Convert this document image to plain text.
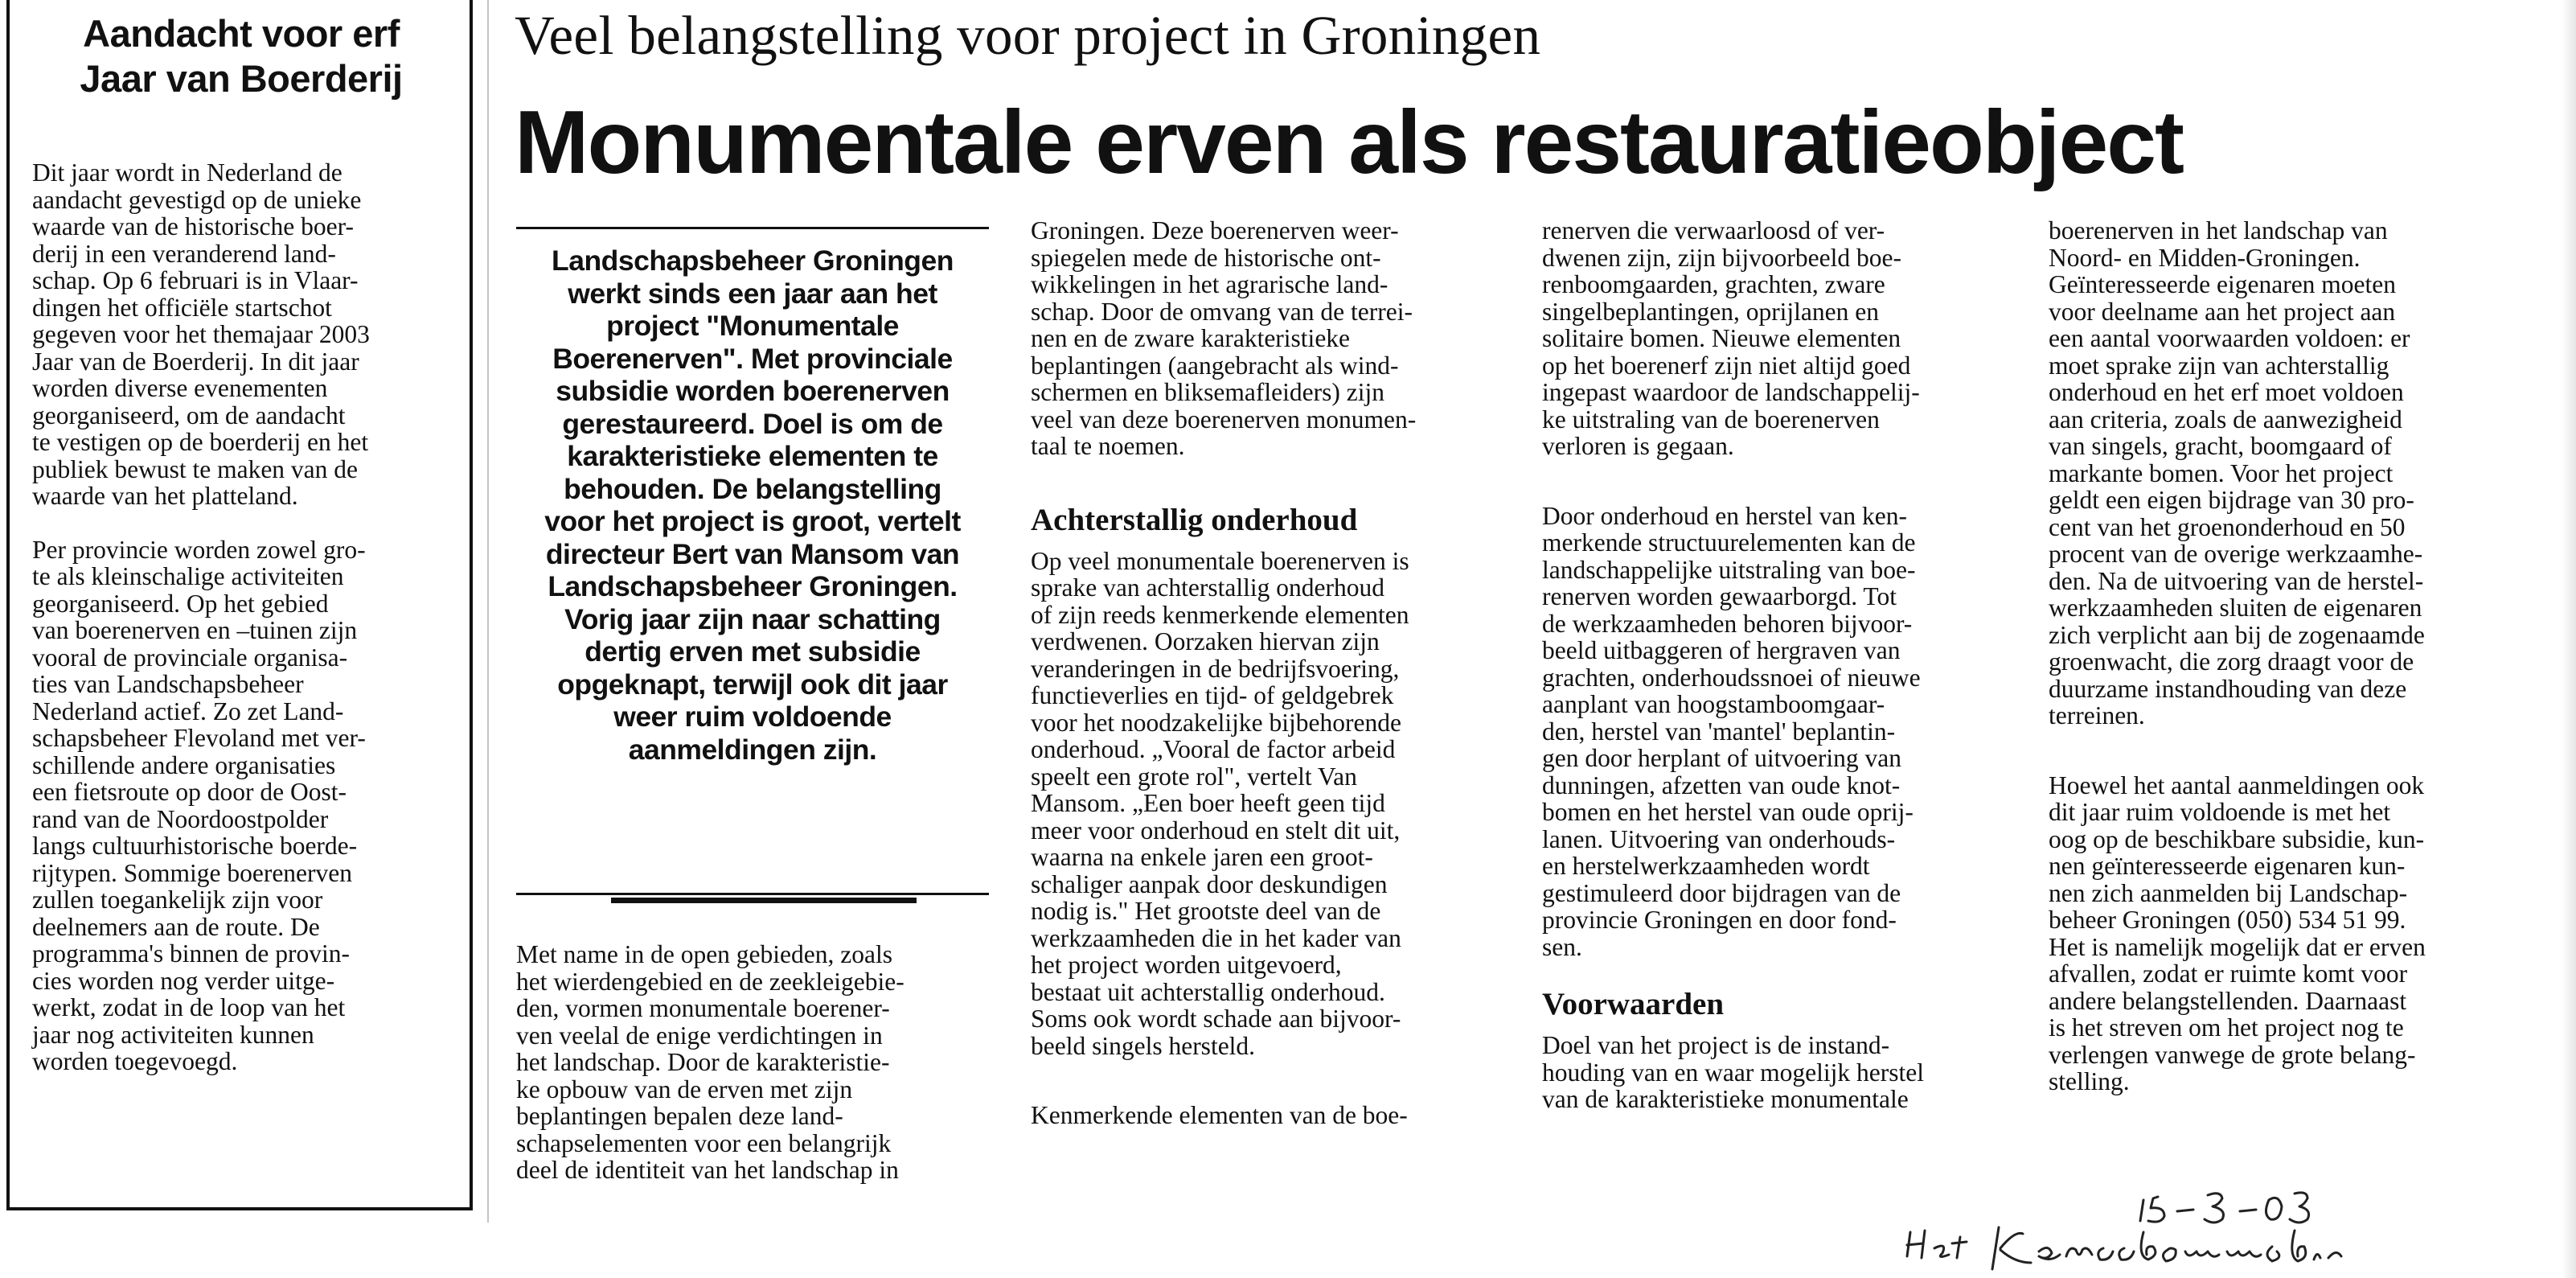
Aandacht voor erf
Jaar van Boerderij

Dit jaar wordt in Nederland de
aandacht gevestigd op de unieke
waarde van de historische boer-
derij in een veranderend land-
schap. Op 6 februari is in Vlaar-
dingen het officiële startschot
gegeven voor het themajaar 2003
Jaar van de Boerderij. In dit jaar
worden diverse evenementen
georganiseerd, om de aandacht
te vestigen op de boerderij en het
publiek bewust te maken van de
waarde van het platteland.

Per provincie worden zowel gro-
te als kleinschalige activiteiten
georganiseerd. Op het gebied
van boerenerven en –tuinen zijn
vooral de provinciale organisa-
ties van Landschapsbeheer
Nederland actief. Zo zet Land-
schapsbeheer Flevoland met ver-
schillende andere organisaties
een fietsroute op door de Oost-
rand van de Noordoostpolder
langs cultuurhistorische boerde-
rijtypen. Sommige boerenerven
zullen toegankelijk zijn voor
deelnemers aan de route. De
programma's binnen de provin-
cies worden nog verder uitge-
werkt, zodat in de loop van het
jaar nog activiteiten kunnen
worden toegevoegd.

Veel belangstelling voor project in Groningen
Monumentale erven als restauratieobject
Landschapsbeheer Groningen
werkt sinds een jaar aan het
project "Monumentale
Boerenerven". Met provinciale
subsidie worden boerenerven
gerestaureerd. Doel is om de
karakteristieke elementen te
behouden. De belangstelling
voor het project is groot, vertelt
directeur Bert van Mansom van
Landschapsbeheer Groningen.
Vorig jaar zijn naar schatting
dertig erven met subsidie
opgeknapt, terwijl ook dit jaar
weer ruim voldoende
aanmeldingen zijn.

Met name in de open gebieden, zoals
het wierdengebied en de zeekleigebie-
den, vormen monumentale boerener-
ven veelal de enige verdichtingen in
het landschap. Door de karakteristie-
ke opbouw van de erven met zijn
beplantingen bepalen deze land-
schapselementen voor een belangrijk
deel de identiteit van het landschap in

Groningen. Deze boerenerven weer-
spiegelen mede de historische ont-
wikkelingen in het agrarische land-
schap. Door de omvang van de terrei-
nen en de zware karakteristieke
beplantingen (aangebracht als wind-
schermen en bliksemafleiders) zijn
veel van deze boerenerven monumen-
taal te noemen.

Achterstallig onderhoud

Op veel monumentale boerenerven is
sprake van achterstallig onderhoud
of zijn reeds kenmerkende elementen
verdwenen. Oorzaken hiervan zijn
veranderingen in de bedrijfsvoering,
functieverlies en tijd- of geldgebrek
voor het noodzakelijke bijbehorende
onderhoud. „Vooral de factor arbeid
speelt een grote rol", vertelt Van
Mansom. „Een boer heeft geen tijd
meer voor onderhoud en stelt dit uit,
waarna na enkele jaren een groot-
schaliger aanpak door deskundigen
nodig is." Het grootste deel van de
werkzaamheden die in het kader van
het project worden uitgevoerd,
bestaat uit achterstallig onderhoud.
Soms ook wordt schade aan bijvoor-
beeld singels hersteld.

Kenmerkende elementen van de boe-

renerven die verwaarloosd of ver-
dwenen zijn, zijn bijvoorbeeld boe-
renboomgaarden, grachten, zware
singelbeplantingen, oprijlanen en
solitaire bomen. Nieuwe elementen
op het boerenerf zijn niet altijd goed
ingepast waardoor de landschappelij-
ke uitstraling van de boerenerven
verloren is gegaan.

Door onderhoud en herstel van ken-
merkende structuurelementen kan de
landschappelijke uitstraling van boe-
renerven worden gewaarborgd. Tot
de werkzaamheden behoren bijvoor-
beeld uitbaggeren of hergraven van
grachten, onderhoudssnoei of nieuwe
aanplant van hoogstamboomgaar-
den, herstel van 'mantel' beplantin-
gen door herplant of uitvoering van
dunningen, afzetten van oude knot-
bomen en het herstel van oude oprij-
lanen. Uitvoering van onderhouds-
en herstelwerkzaamheden wordt
gestimuleerd door bijdragen van de
provincie Groningen en door fond-
sen.

Voorwaarden

Doel van het project is de instand-
houding van en waar mogelijk herstel
van de karakteristieke monumentale

boerenerven in het landschap van
Noord- en Midden-Groningen.
Geïnteresseerde eigenaren moeten
voor deelname aan het project aan
een aantal voorwaarden voldoen: er
moet sprake zijn van achterstallig
onderhoud en het erf moet voldoen
aan criteria, zoals de aanwezigheid
van singels, gracht, boomgaard of
markante bomen. Voor het project
geldt een eigen bijdrage van 30 pro-
cent van het groenonderhoud en 50
procent van de overige werkzaamhe-
den. Na de uitvoering van de herstel-
werkzaamheden sluiten de eigenaren
zich verplicht aan bij de zogenaamde
groenwacht, die zorg draagt voor de
duurzame instandhouding van deze
terreinen.

Hoewel het aantal aanmeldingen ook
dit jaar ruim voldoende is met het
oog op de beschikbare subsidie, kun-
nen geïnteresseerde eigenaren kun-
nen zich aanmelden bij Landschap-
beheer Groningen (050) 534 51 99.
Het is namelijk mogelijk dat er erven
afvallen, zodat er ruimte komt voor
andere belangstellenden. Daarnaast
is het streven om het project nog te
verlengen vanwege de grote belang-
stelling.
